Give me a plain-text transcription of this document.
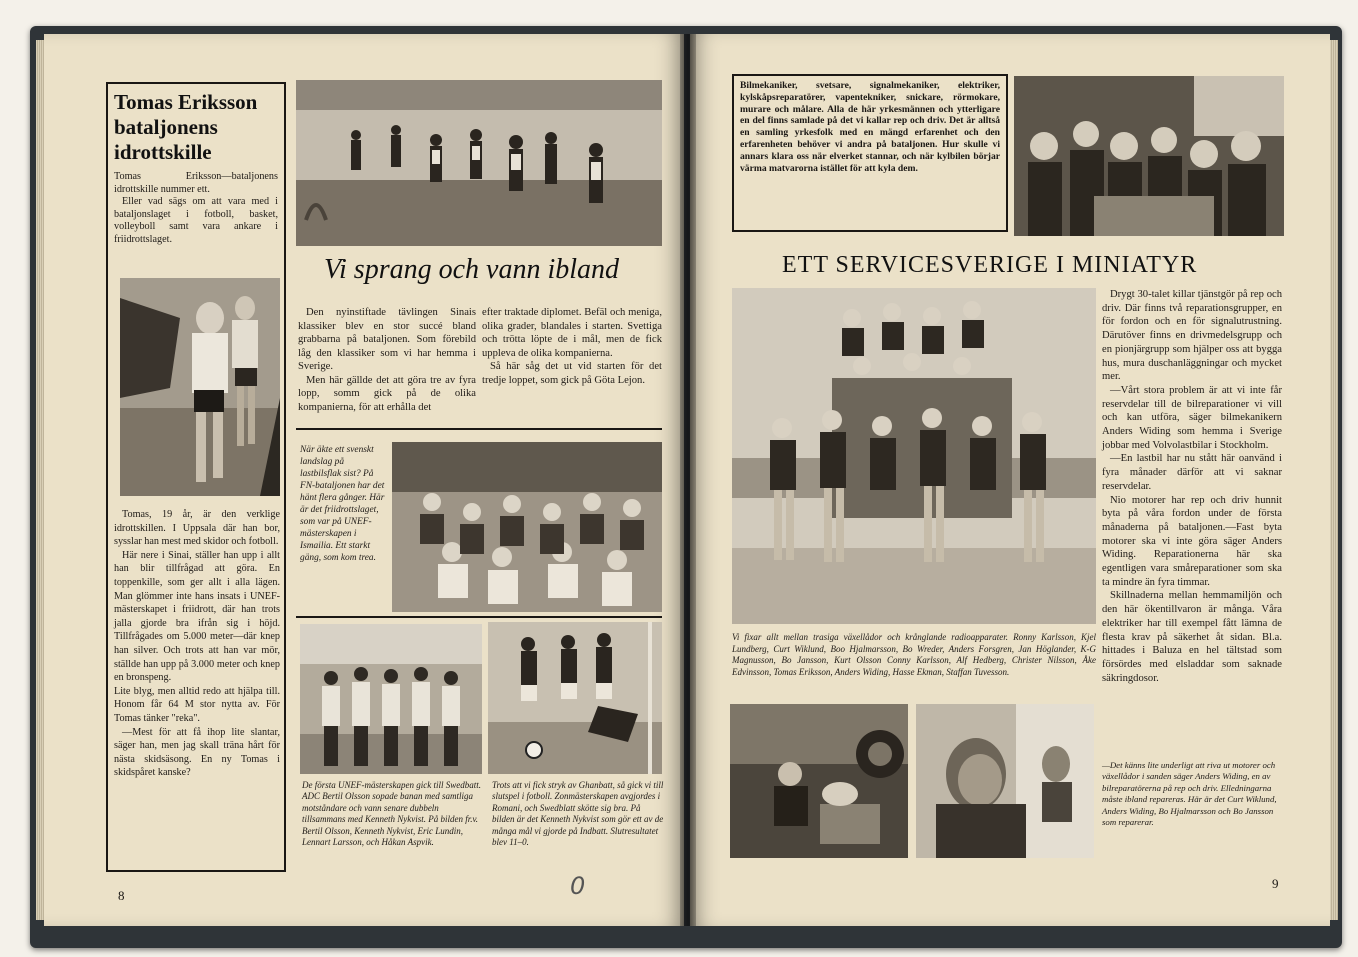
Tomas Eriksson bataljonens idrottskille

Tomas Eriksson—bataljonens idrottskille nummer ett.

Eller vad sägs om att vara med i bataljonslaget i fotboll, basket, volleyboll samt vara ankare i friidrottslaget.

Tomas, 19 år, är den verklige idrottskillen. I Uppsala där han bor, sysslar han mest med skidor och fotboll.

Här nere i Sinai, ställer han upp i allt han blir tillfrågad att göra. En toppenkille, som ger allt i alla lägen. Man glömmer inte hans insats i UNEF-mästerskapet i friidrott, där han trots jalla gjorde bra ifrån sig i höjd. Tillfrågades om 5.000 meter—där knep han silver. Och trots att han var mör, ställde han upp på 3.000 meter och knep en bronspeng.

Lite blyg, men alltid redo att hjälpa till. Honom får 64 M stor nytta av. För Tomas tänker "reka".

—Mest för att få ihop lite slantar, säger han, men jag skall träna hårt för nästa skidsäsong. En ny Tomas i skidspåret kanske?

Vi sprang och vann ibland

Den nyinstiftade tävlingen Sinais klassiker blev en stor succé bland grabbarna på bataljonen. Som förebild låg den klassiker som vi har hemma i Sverige.

Men här gällde det att göra tre av fyra lopp, somm gick på de olika kompanierna, för att erhålla det

efter traktade diplomet. Befäl och meniga, olika grader, blandales i starten. Svettiga och trötta löpte de i mål, men de fick uppleva de olika kompanierna.

Så här såg det ut vid starten för det tredje loppet, som gick på Göta Lejon.

När äkte ett svenskt landslag på lastbilsflak sist? På FN-bataljonen har det hänt flera gånger. Här är det friidrottslaget, som var på UNEF-mästerskapen i Ismailia. Ett starkt gäng, som kom trea.
De första UNEF-mästerskapen gick till Swedbatt. ADC Bertil Olsson sopade banan med samtliga motståndare och vann senare dubbeln tillsammans med Kenneth Nykvist. På bilden fr.v. Bertil Olsson, Kenneth Nykvist, Eric Lundin, Lennart Larsson, och Håkan Aspvik.
Trots att vi fick stryk av Ghanbatt, så gick vi till slutspel i fotboll. Zonmästerskapen avgjordes i Romani, och Swedblatt skötte sig bra. På bilden är det Kenneth Nykvist som gör ett av de många mål vi gjorde på Indbatt. Slutresultatet blev 11–0.
8	0
Bilmekaniker, svetsare, signalmekaniker, elektriker, kylskåpsreparatörer, vapentekniker, snickare, rörmokare, murare och målare. Alla de här yrkesmännen och ytterligare en del finns samlade på det vi kallar rep och driv. Det är alltså en samling yrkesfolk med en mängd erfarenhet och den erfarenheten behöver vi andra på bataljonen. Hur skulle vi annars klara oss när elverket stannar, och när kylbilen börjar värma matvarorna istället för att kyla dem.
ETT SERVICESVERIGE I MINIATYR
Vi fixar allt mellan trasiga växellådor och krånglande radioapparater. Ronny Karlsson, Kjel Lundberg, Curt Wiklund, Boo Hjalmarsson, Bo Wreder, Anders Forsgren, Jan Höglander, K-G Magnusson, Bo Jansson, Kurt Olsson Conny Karlsson, Alf Hedberg, Christer Nilsson, Åke Edvinsson, Tomas Eriksson, Anders Widing, Hasse Ekman, Staffan Tuvesson.

Drygt 30-talet killar tjänstgör på rep och driv. Där finns två reparationsgrupper, en för fordon och en för signalutrustning. Därutöver finns en drivmedelsgrupp och en pionjärgrupp som hjälper oss att bygga hus, mura duschanläggningar och mycket mer.

—Vårt stora problem är att vi inte får reservdelar till de bilreparationer vi vill och kan utföra, säger bilmekanikern Anders Widing som hemma i Sverige jobbar med Volvolastbilar i Stockholm.

—En lastbil har nu stått här oanvänd i fyra månader därför att vi saknar reservdelar.

Nio motorer har rep och driv hunnit byta på våra fordon under de första månaderna på bataljonen.—Fast byta motorer ska vi inte göra säger Anders Widing. Reparationerna här ska egentligen vara småreparationer som ska ta mindre än fyra timmar.

Skillnaderna mellan hemmamiljön och den här ökentillvaron är många. Våra elektriker har till exempel fått lämna de flesta krav på säkerhet åt sidan. Bl.a. hittades i Baluza en hel tältstad som försördes med elsladdar som saknade säkringdosor.

—Det känns lite underligt att riva ut motorer och växellådor i sanden säger Anders Widing, en av bilreparatörerna på rep och driv. Elledningarna måste ibland repareras. Här är det Curt Wiklund, Anders Widing, Bo Hjalmarsson och Bo Jansson som reparerar.
9
